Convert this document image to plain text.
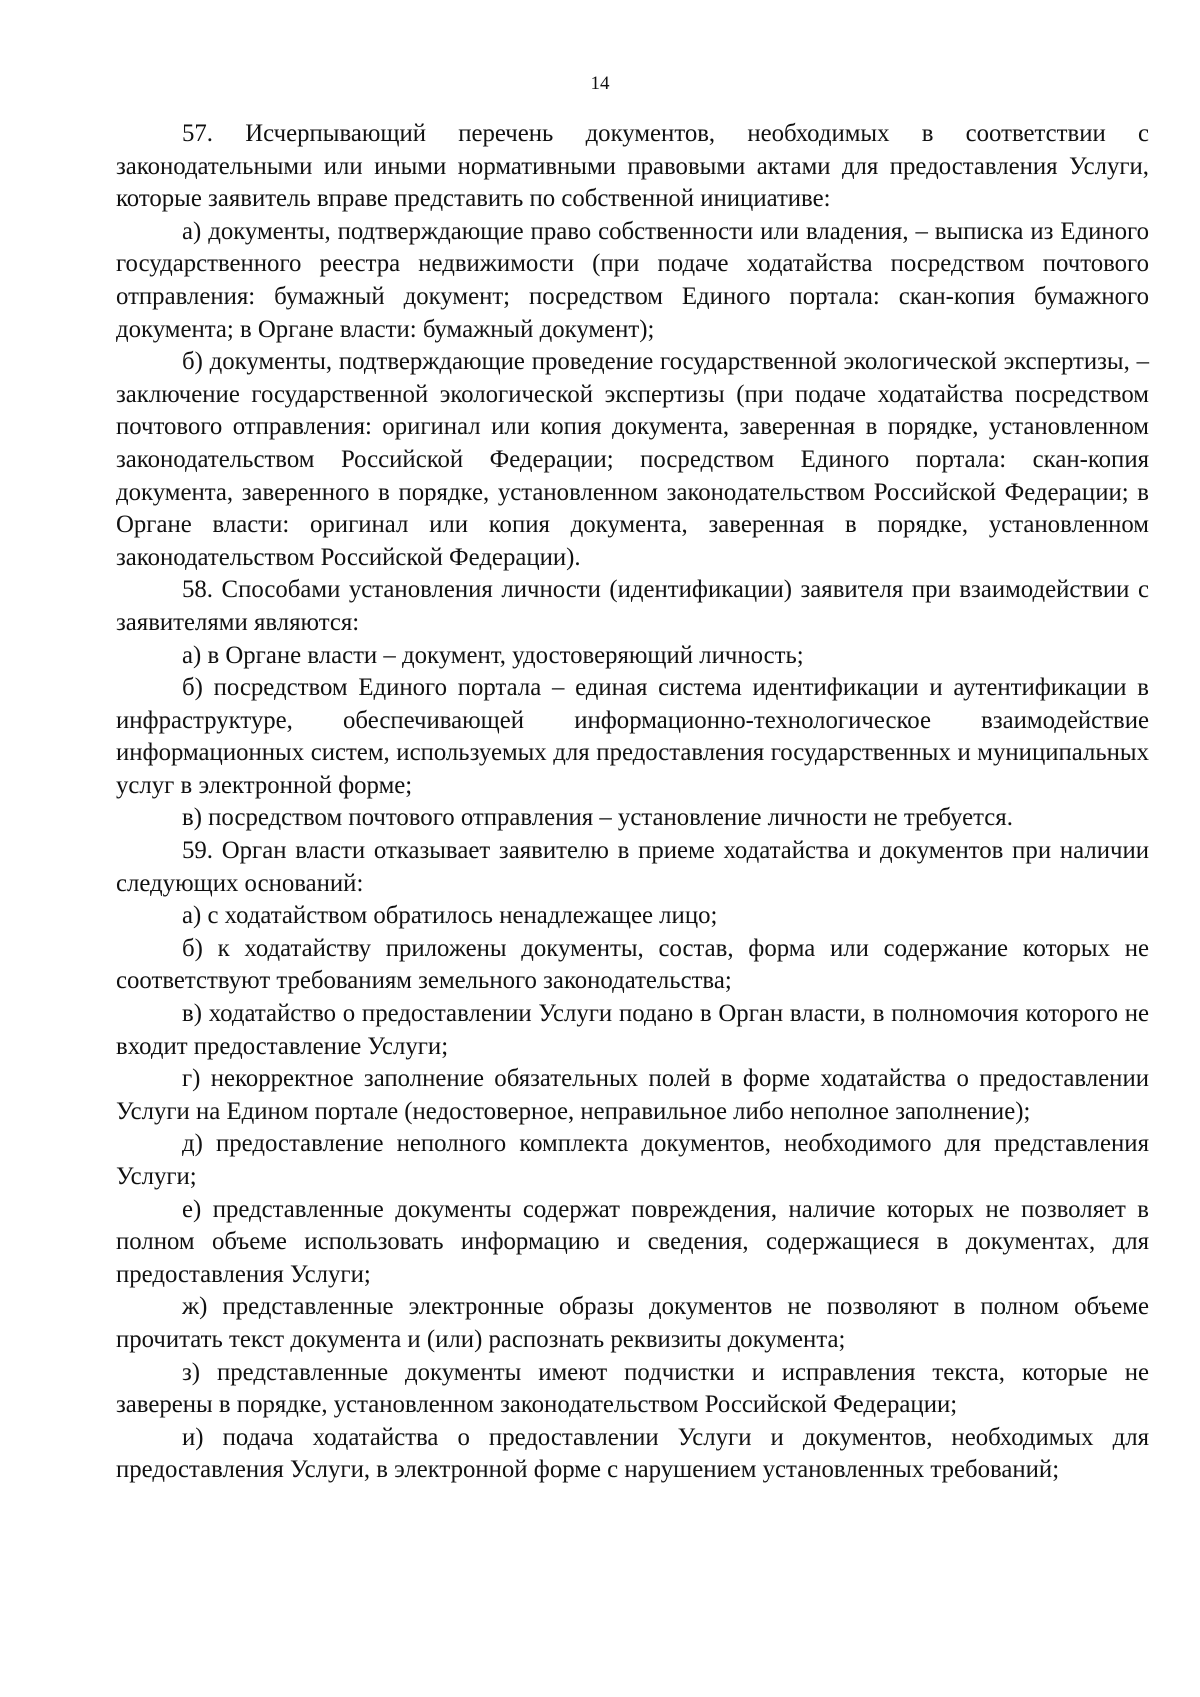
14

57. Исчерпывающий перечень документов, необходимых в соответствии с законодательными или иными нормативными правовыми актами для предоставления Услуги, которые заявитель вправе представить по собственной инициативе:

а) документы, подтверждающие право собственности или владения, – выписка из Единого государственного реестра недвижимости (при подаче ходатайства посредством почтового отправления: бумажный документ; посредством Единого портала: скан-копия бумажного документа; в Органе власти: бумажный документ);

б) документы, подтверждающие проведение государственной экологической экспертизы, – заключение государственной экологической экспертизы (при подаче ходатайства посредством почтового отправления: оригинал или копия документа, заверенная в порядке, установленном законодательством Российской Федерации; посредством Единого портала: скан-копия документа, заверенного в порядке, установленном законодательством Российской Федерации; в Органе власти: оригинал или копия документа, заверенная в порядке, установленном законодательством Российской Федерации).

58. Способами установления личности (идентификации) заявителя при взаимодействии с заявителями являются:

а) в Органе власти – документ, удостоверяющий личность;

б) посредством Единого портала – единая система идентификации и аутентификации в инфраструктуре, обеспечивающей информационно-технологическое взаимодействие информационных систем, используемых для предоставления государственных и муниципальных услуг в электронной форме;

в) посредством почтового отправления – установление личности не требуется.

59. Орган власти отказывает заявителю в приеме ходатайства и документов при наличии следующих оснований:

а) с ходатайством обратилось ненадлежащее лицо;

б) к ходатайству приложены документы, состав, форма или содержание которых не соответствуют требованиям земельного законодательства;

в) ходатайство о предоставлении Услуги подано в Орган власти, в полномочия которого не входит предоставление Услуги;

г) некорректное заполнение обязательных полей в форме ходатайства о предоставлении Услуги на Едином портале (недостоверное, неправильное либо неполное заполнение);

д) предоставление неполного комплекта документов, необходимого для представления Услуги;

е) представленные документы содержат повреждения, наличие которых не позволяет в полном объеме использовать информацию и сведения, содержащиеся в документах, для предоставления Услуги;

ж) представленные электронные образы документов не позволяют в полном объеме прочитать текст документа и (или) распознать реквизиты документа;

з) представленные документы имеют подчистки и исправления текста, которые не заверены в порядке, установленном законодательством Российской Федерации;

и) подача ходатайства о предоставлении Услуги и документов, необходимых для предоставления Услуги, в электронной форме с нарушением установленных требований;
